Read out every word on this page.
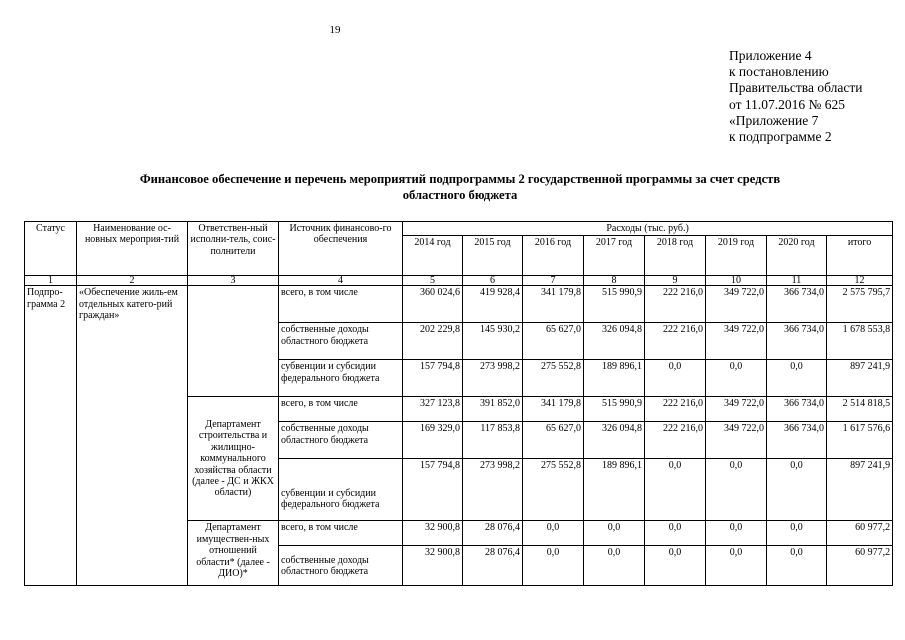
19
Приложение 4
к постановлению
Правительства области
от 11.07.2016 № 625
«Приложение 7
к подпрограмме 2
Финансовое обеспечение и перечень мероприятий подпрограммы 2 государственной программы за счет средств
областного бюджета
Статус	Наименование ос-новных мероприя-тий	Ответствен-ный исполни-тель, соис-полнители	Источник финансово-го обеспечения	Расходы (тыс. руб.)							
				2014 год	2015 год	2016 год	2017 год	2018 год	2019 год	2020 год	итого
1	2	3	4	5	6	7	8	9	10	11	12
Подпро-грамма 2	«Обеспечение жиль-ем отдельных катего-рий граждан»		всего, в том числе	360 024,6	419 928,4	341 179,8	515 990,9	222 216,0	349 722,0	366 734,0	2 575 795,7
			собственные доходы областного бюджета	202 229,8	145 930,2	65 627,0	326 094,8	222 216,0	349 722,0	366 734,0	1 678 553,8
			субвенции и субсидии федерального бюджета	157 794,8	273 998,2	275 552,8	189 896,1	0,0	0,0	0,0	897 241,9
		Департамент строительства и жилищно-коммунального хозяйства области (далее - ДС и ЖКХ области)	всего, в том числе	327 123,8	391 852,0	341 179,8	515 990,9	222 216,0	349 722,0	366 734,0	2 514 818,5
			собственные доходы областного бюджета	169 329,0	117 853,8	65 627,0	326 094,8	222 216,0	349 722,0	366 734,0	1 617 576,6
			субвенции и субсидии федерального бюджета	157 794,8	273 998,2	275 552,8	189 896,1	0,0	0,0	0,0	897 241,9
		Департамент имуществен-ных отношений области* (далее - ДИО)*	всего, в том числе	32 900,8	28 076,4	0,0	0,0	0,0	0,0	0,0	60 977,2
			собственные доходы областного бюджета	32 900,8	28 076,4	0,0	0,0	0,0	0,0	0,0	60 977,2
